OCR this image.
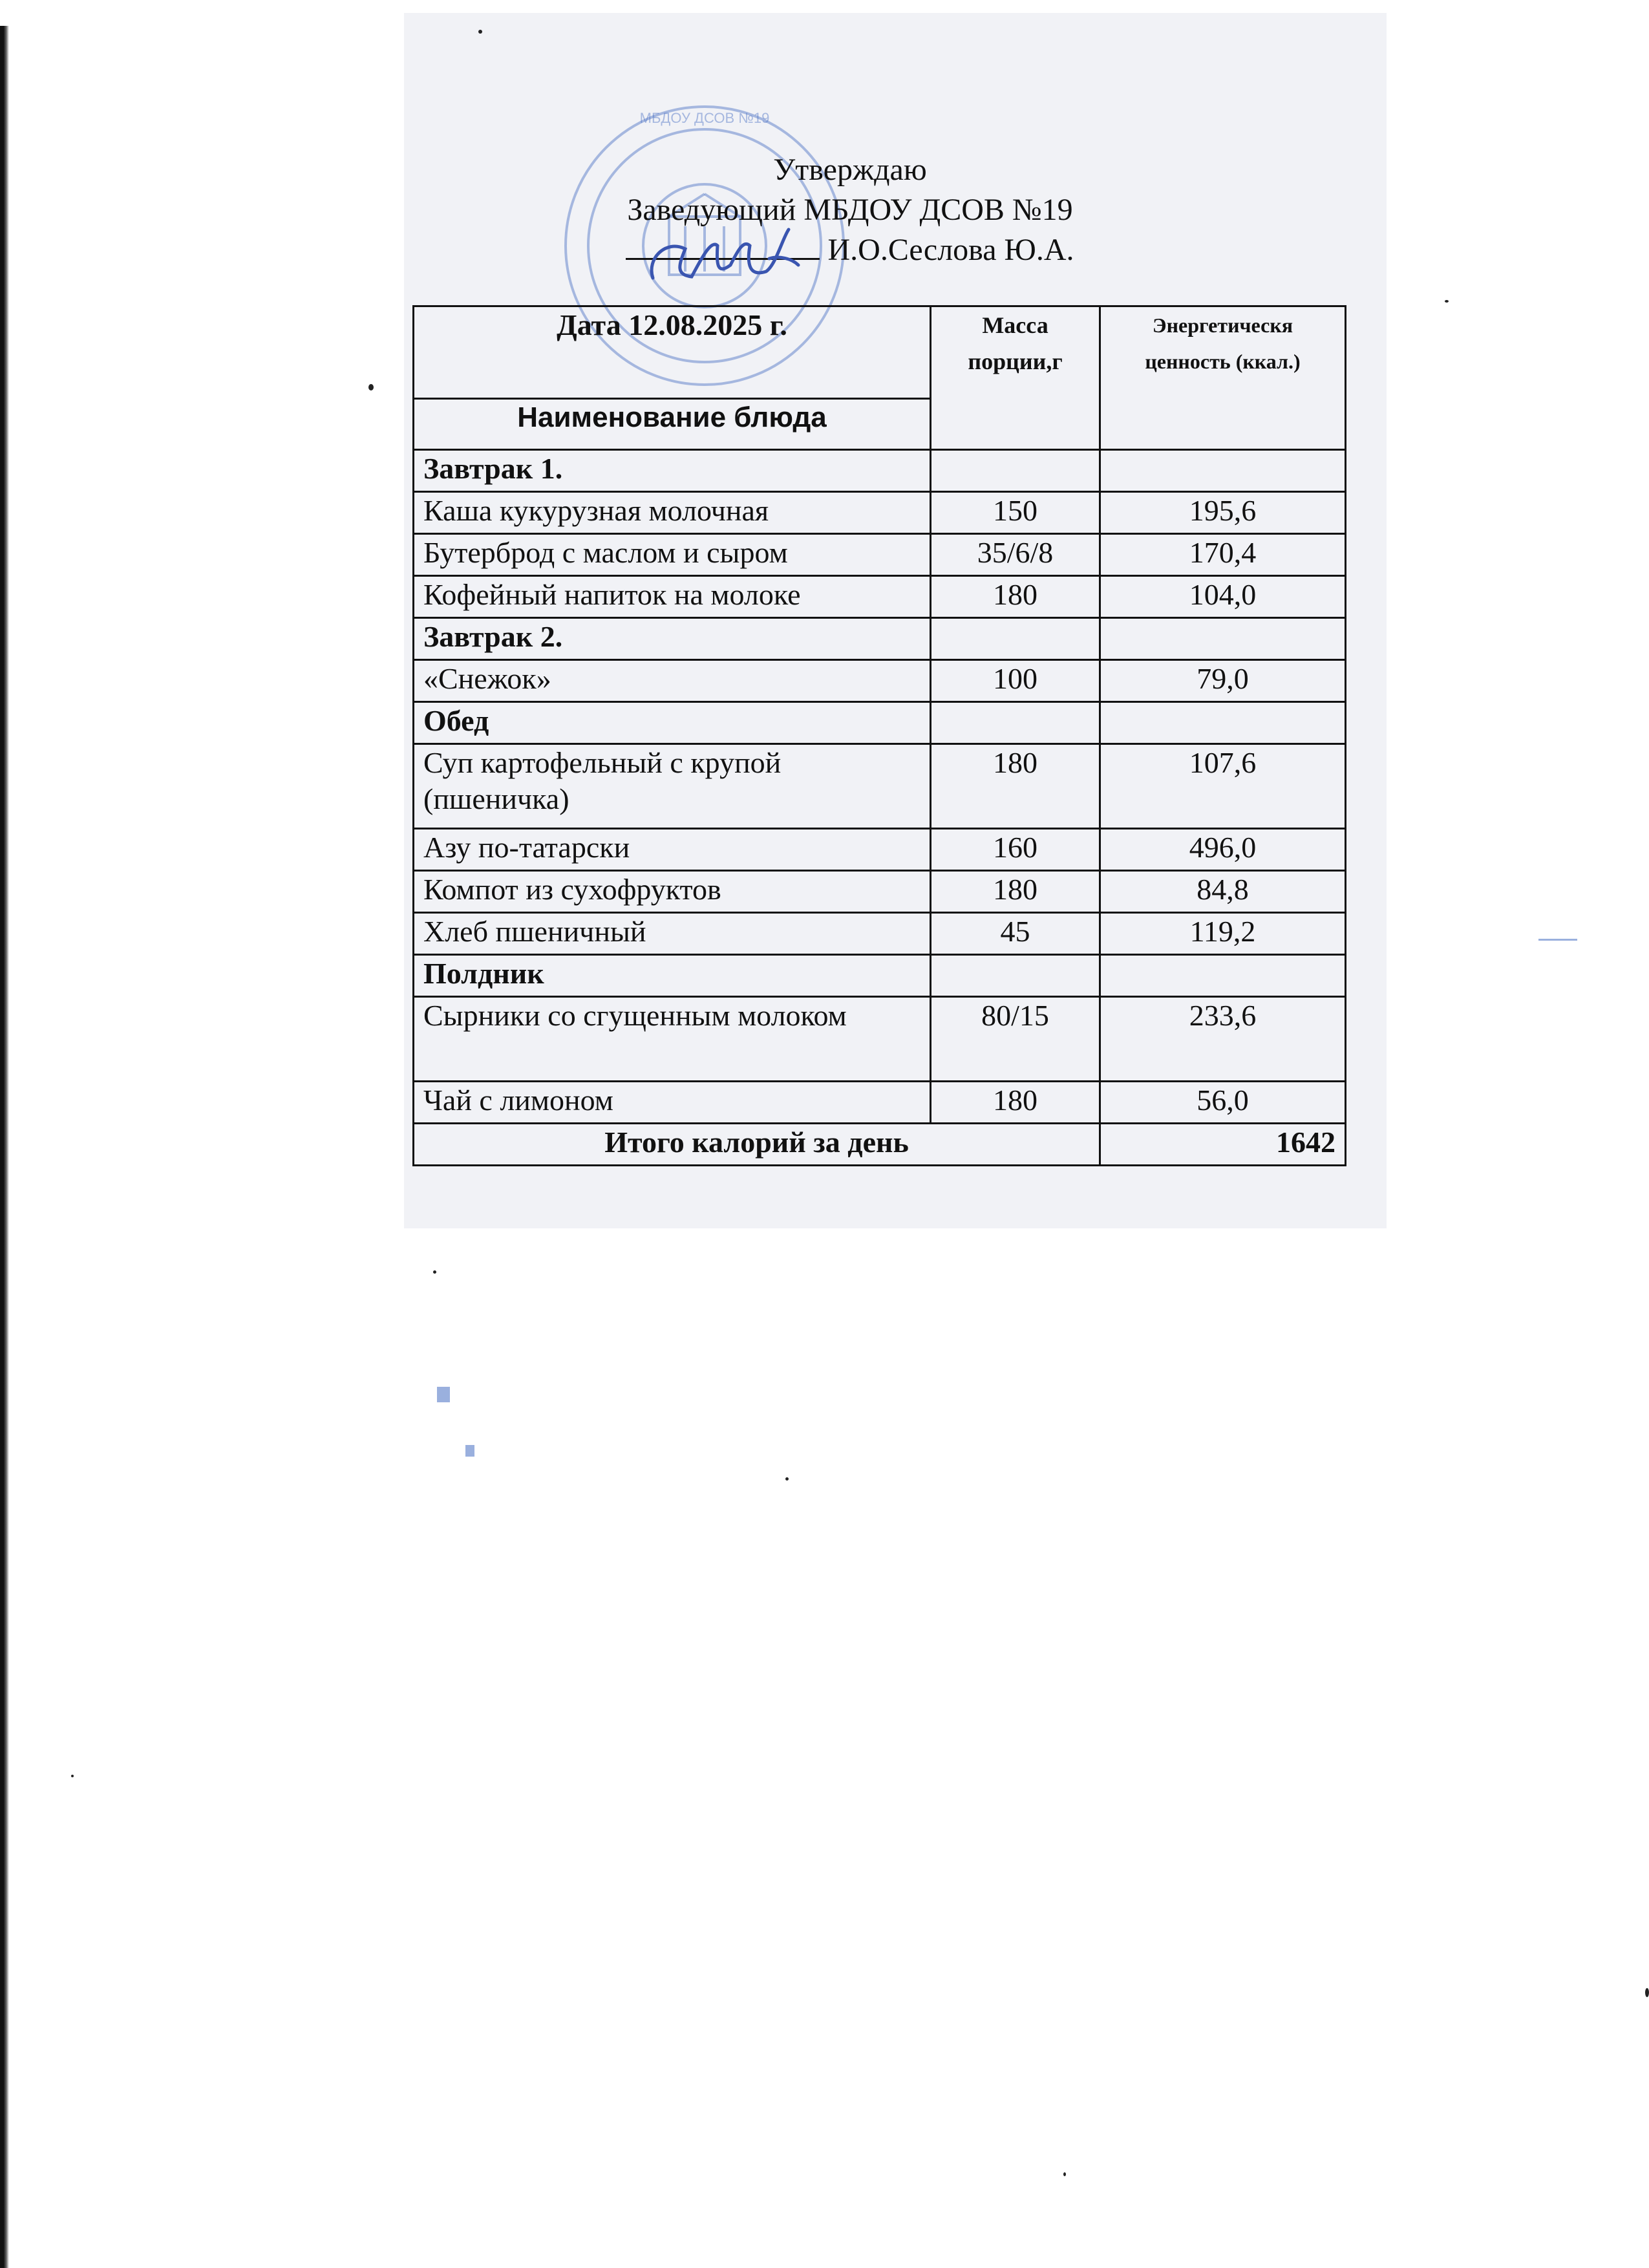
МБДОУ ДСОВ №19
Утверждаю
Заведующий МБДОУ ДСОВ №19
И.О.Сеслова Ю.А.
Дата 12.08.2025 г.	Масса порции,г	Энергетическя ценность (ккал.)
Наименование блюда		
Завтрак 1.		
Каша кукурузная молочная	150	195,6
Бутерброд с маслом и сыром	35/6/8	170,4
Кофейный напиток на молоке	180	104,0
Завтрак 2.		
«Снежок»	100	79,0
Обед		
Суп картофельный с крупой (пшеничка)	180	107,6
Азу по-татарски	160	496,0
Компот из сухофруктов	180	84,8
Хлеб пшеничный	45	119,2
Полдник		
Сырники со сгущенным молоком	80/15	233,6
Чай с лимоном	180	56,0
Итого калорий за день		1642
